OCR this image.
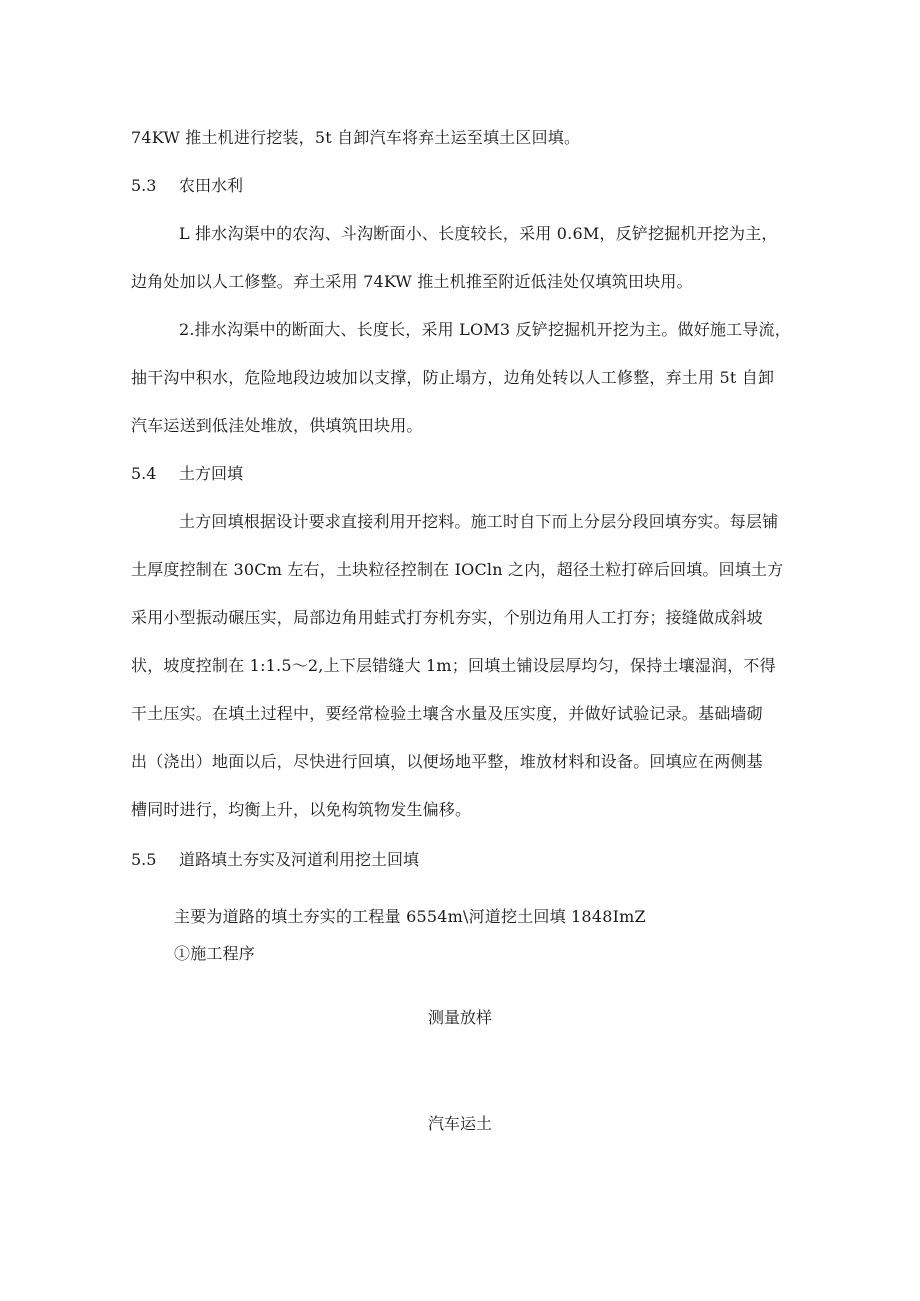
74KW 推土机进行挖装，5t 自卸汽车将弃土运至填土区回填。
5.3 农田水利
L 排水沟渠中的农沟、斗沟断面小、长度较长，采用 0.6M，反铲挖掘机开挖为主，
边角处加以人工修整。弃土采用 74KW 推土机推至附近低洼处仅填筑田块用。
2.排水沟渠中的断面大、长度长，采用 LOM3 反铲挖掘机开挖为主。做好施工导流，
抽干沟中积水，危险地段边坡加以支撑，防止塌方，边角处转以人工修整，弃土用 5t 自卸
汽车运送到低洼处堆放，供填筑田块用。
5.4 土方回填
土方回填根据设计要求直接利用开挖料。施工时自下而上分层分段回填夯实。每层铺
土厚度控制在 30Cm 左右，土块粒径控制在 IOCln 之内，超径土粒打碎后回填。回填土方
采用小型振动碾压实，局部边角用蛙式打夯机夯实，个别边角用人工打夯；接缝做成斜坡
状，坡度控制在 1:1.5～2,上下层错缝大 1m；回填土铺设层厚均匀，保持土壤湿润，不得
干土压实。在填土过程中，要经常检验土壤含水量及压实度，并做好试验记录。基础墙砌
出（浇出）地面以后，尽快进行回填，以便场地平整，堆放材料和设备。回填应在两侧基
槽同时进行，均衡上升，以免构筑物发生偏移。
5.5 道路填土夯实及河道利用挖土回填
主要为道路的填土夯实的工程量 6554m\河道挖土回填 1848ImZ
①施工程序
测量放样
汽车运土
